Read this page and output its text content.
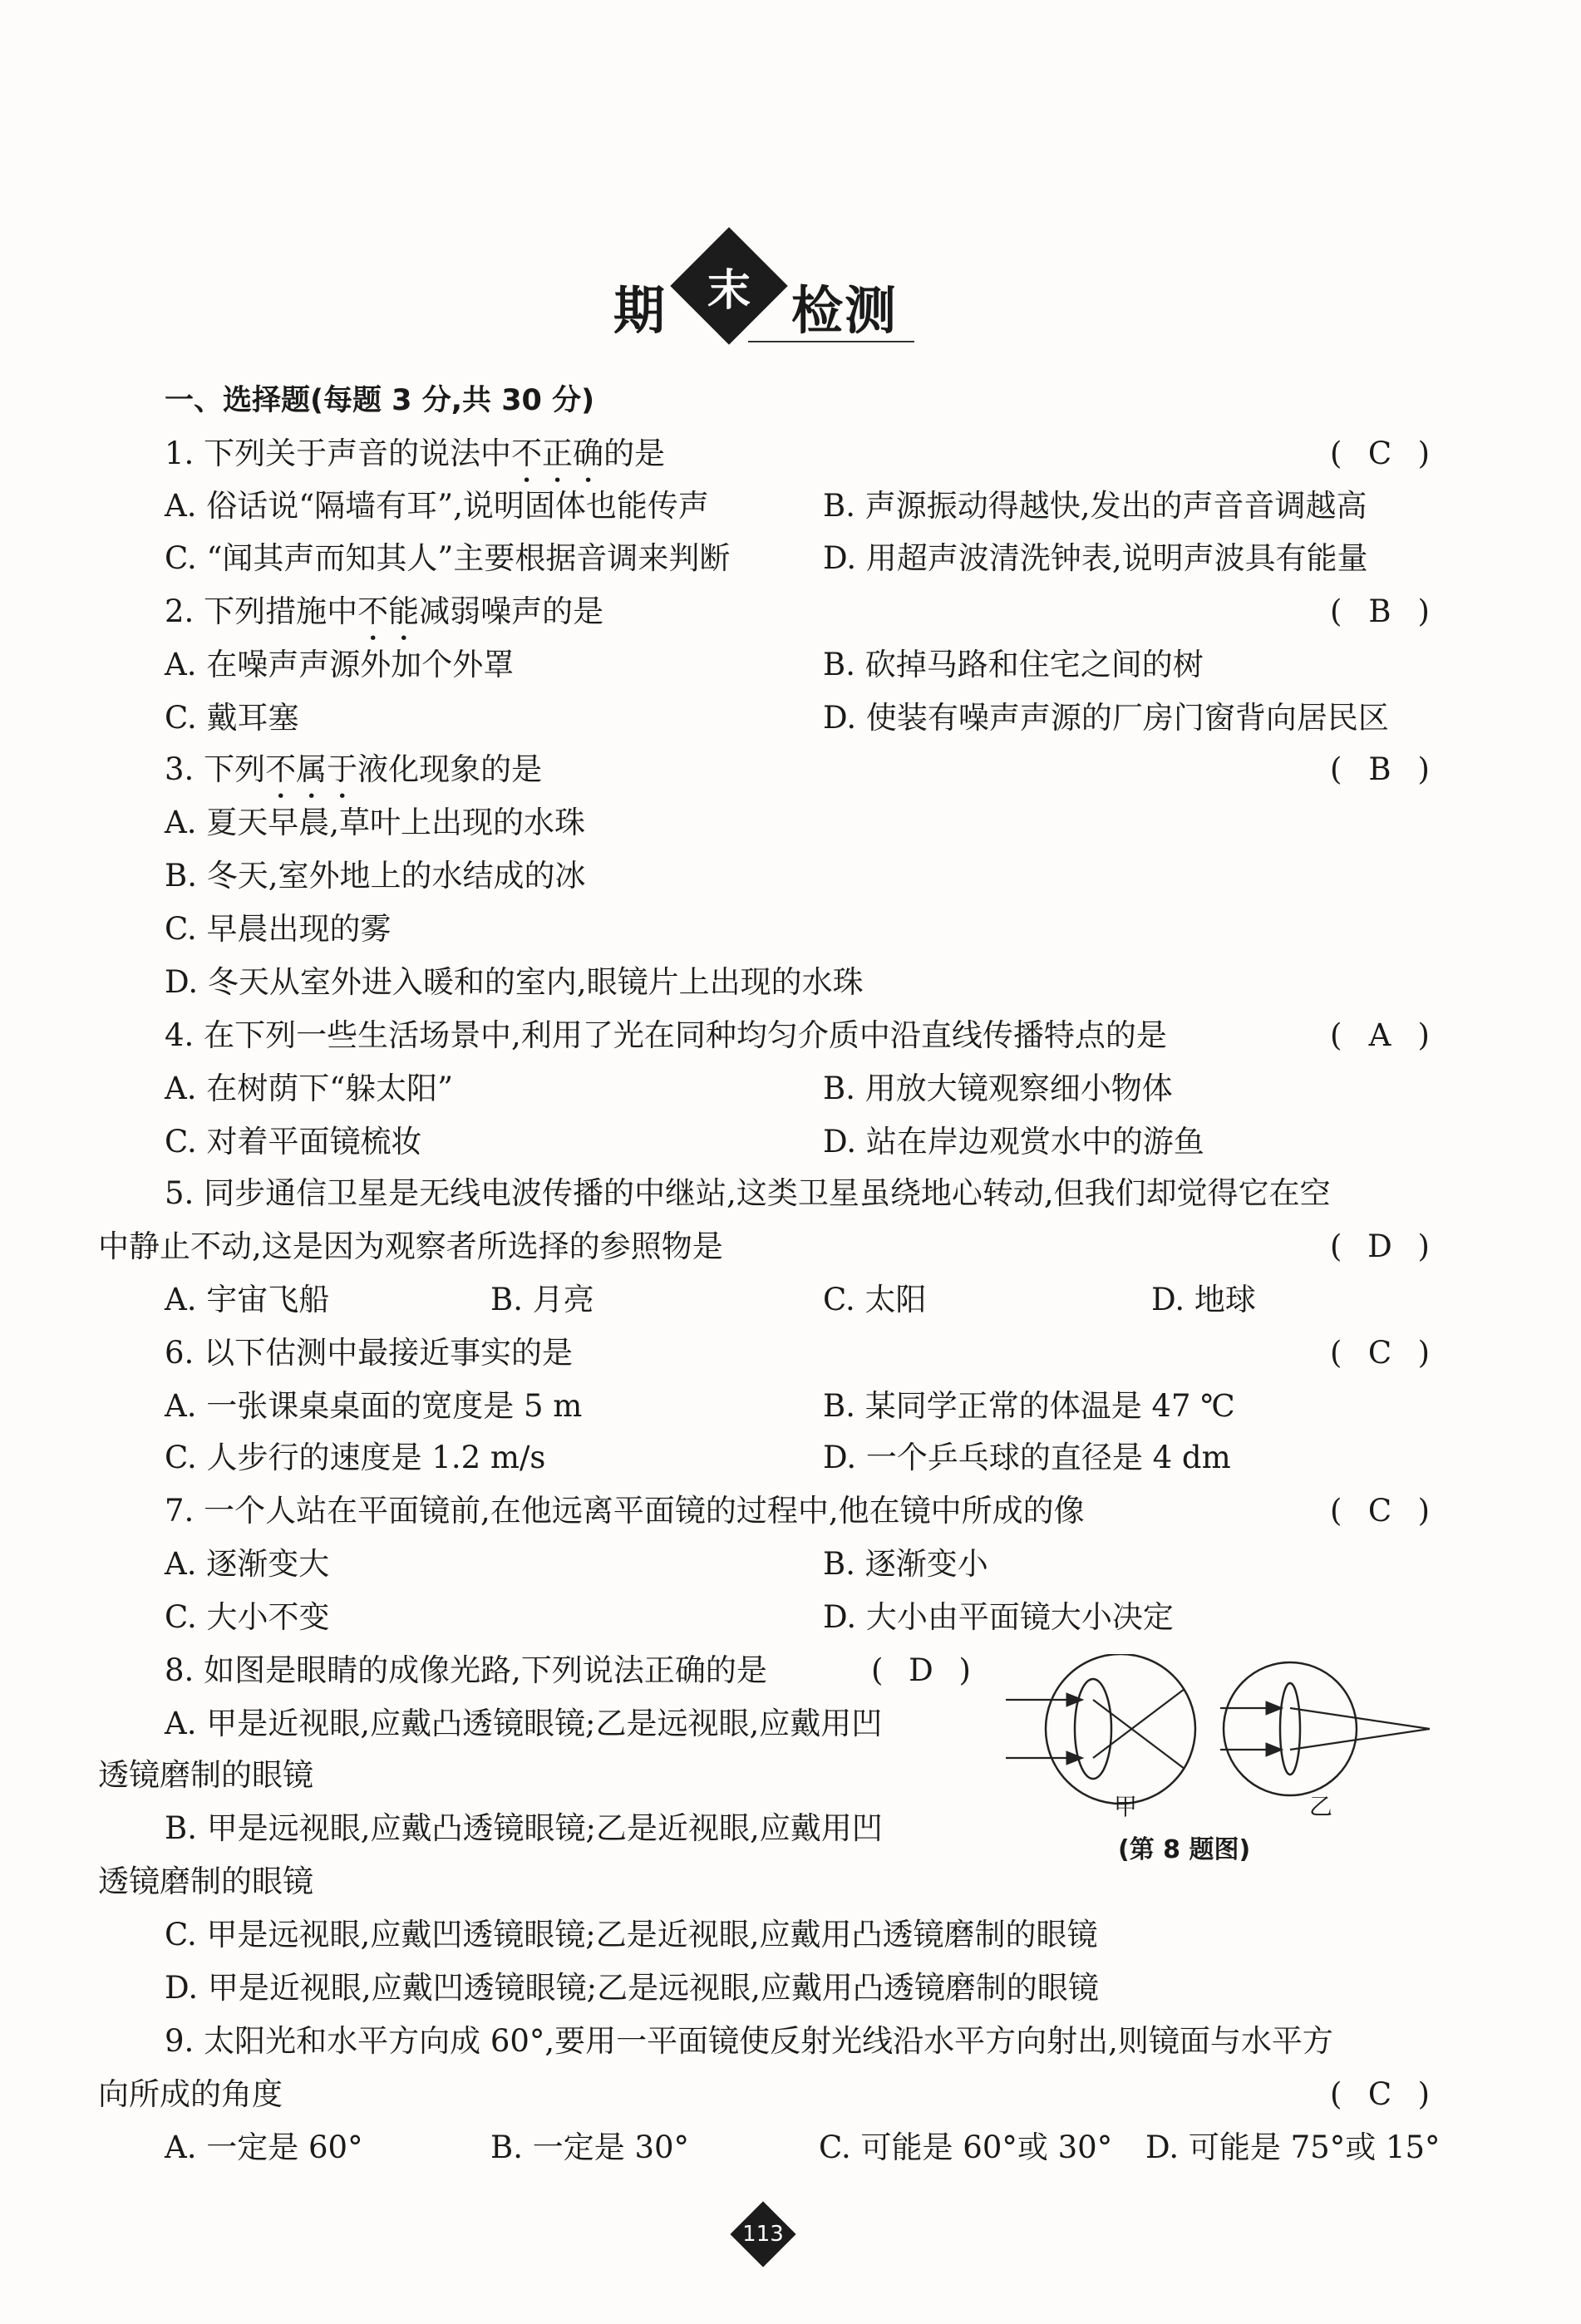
期 末 检测
一、选择题(每题 3 分,共 30 分)
1. 下列关于声音的说法中不正确的是	( C )
A. 俗话说“隔墙有耳”,说明固体也能传声	B. 声源振动得越快,发出的声音音调越高
C. “闻其声而知其人”主要根据音调来判断	D. 用超声波清洗钟表,说明声波具有能量
2. 下列措施中不能减弱噪声的是	( B )
A. 在噪声声源外加个外罩	B. 砍掉马路和住宅之间的树
C. 戴耳塞	D. 使装有噪声声源的厂房门窗背向居民区
3. 下列不属于液化现象的是	( B )
A. 夏天早晨,草叶上出现的水珠
B. 冬天,室外地上的水结成的冰
C. 早晨出现的雾
D. 冬天从室外进入暖和的室内,眼镜片上出现的水珠
4. 在下列一些生活场景中,利用了光在同种均匀介质中沿直线传播特点的是	( A )
A. 在树荫下“躲太阳”	B. 用放大镜观察细小物体
C. 对着平面镜梳妆	D. 站在岸边观赏水中的游鱼
5. 同步通信卫星是无线电波传播的中继站,这类卫星虽绕地心转动,但我们却觉得它在空
中静止不动,这是因为观察者所选择的参照物是	( D )
A. 宇宙飞船	B. 月亮	C. 太阳	D. 地球
6. 以下估测中最接近事实的是	( C )
A. 一张课桌桌面的宽度是 5 m	B. 某同学正常的体温是 47 ℃
C. 人步行的速度是 1.2 m/s	D. 一个乒乓球的直径是 4 dm
7. 一个人站在平面镜前,在他远离平面镜的过程中,他在镜中所成的像	( C )
A. 逐渐变大	B. 逐渐变小
C. 大小不变	D. 大小由平面镜大小决定
8. 如图是眼睛的成像光路,下列说法正确的是	( D )
A. 甲是近视眼,应戴凸透镜眼镜;乙是远视眼,应戴用凹
透镜磨制的眼镜
B. 甲是远视眼,应戴凸透镜眼镜;乙是近视眼,应戴用凹
透镜磨制的眼镜
C. 甲是远视眼,应戴凹透镜眼镜;乙是近视眼,应戴用凸透镜磨制的眼镜
D. 甲是近视眼,应戴凹透镜眼镜;乙是远视眼,应戴用凸透镜磨制的眼镜
甲	乙
(第 8 题图)
9. 太阳光和水平方向成 60°,要用一平面镜使反射光线沿水平方向射出,则镜面与水平方
向所成的角度	( C )
A. 一定是 60°	B. 一定是 30°	C. 可能是 60°或 30° D. 可能是 75°或 15°
113
